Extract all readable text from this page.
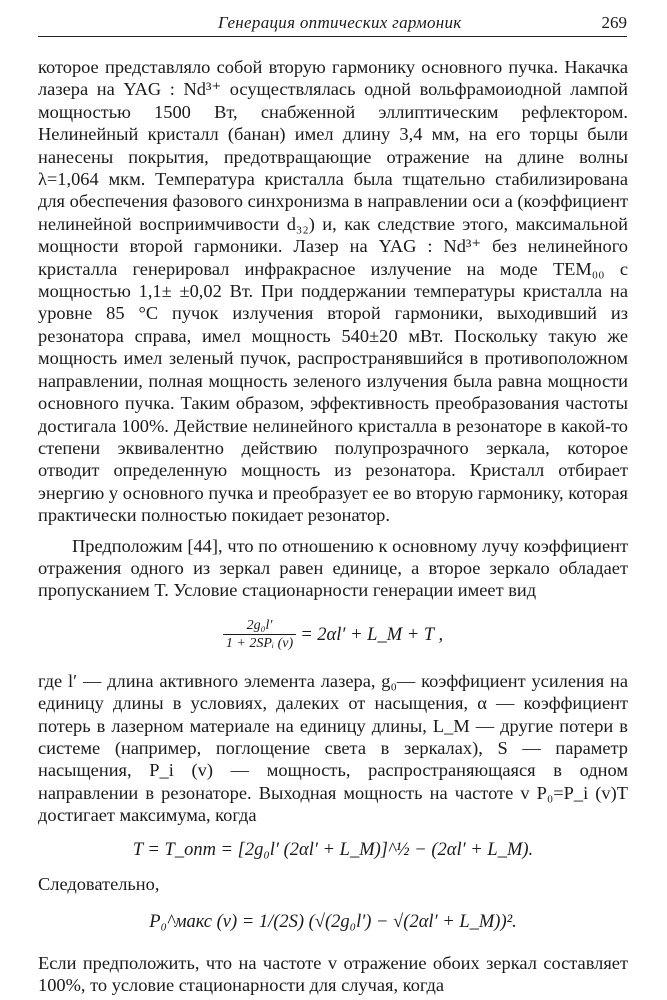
Генерация оптических гармоник	269

которое представляло собой вторую гармонику основного пучка. Накачка лазера на YAG : Nd³⁺ осуществлялась одной вольфрамоиодной лампой мощностью 1500 Вт, снабженной эллиптическим рефлектором. Нелинейный кристалл (банан) имел длину 3,4 мм, на его торцы были нанесены покрытия, предотвращающие отражение на длине волны λ=1,064 мкм. Температура кристалла была тщательно стабилизирована для обеспечения фазового синхронизма в направлении оси a (коэффициент нелинейной восприимчивости d₃₂) и, как следствие этого, максимальной мощности второй гармоники. Лазер на YAG : Nd³⁺ без нелинейного кристалла генерировал инфракрасное излучение на моде TEM₀₀ с мощностью 1,1± ±0,02 Вт. При поддержании температуры кристалла на уровне 85 °C пучок излучения второй гармоники, выходивший из резонатора справа, имел мощность 540±20 мВт. Поскольку такую же мощность имел зеленый пучок, распространявшийся в противоположном направлении, полная мощность зеленого излучения была равна мощности основного пучка. Таким образом, эффективность преобразования частоты достигала 100%. Действие нелинейного кристалла в резонаторе в какой-то степени эквивалентно действию полупрозрачного зеркала, которое отводит определенную мощность из резонатора. Кристалл отбирает энергию у основного пучка и преобразует ее во вторую гармонику, которая практически полностью покидает резонатор.

Предположим [44], что по отношению к основному лучу коэффициент отражения одного из зеркал равен единице, а второе зеркало обладает пропусканием T. Условие стационарности генерации имеет вид

$\frac{\text{2g₀l′}}{\text{1 + 2SPᵢ (v)}} = 2\alpha l'$ + L_M + T ,

где l′ — длина активного элемента лазера, g₀— коэффициент усиления на единицу длины в условиях, далеких от насыщения, α — коэффициент потерь в лазерном материале на единицу длины, L_M — другие потери в системе (например, поглощение света в зеркалах), S — параметр насыщения, P_i (v) — мощность, распространяющаяся в одном направлении в резонаторе. Выходная мощность на частоте v P₀=P_i (v)T достигает максимума, когда

T = T_опт = [2g₀l′ (2αl′ + L_M)]^½ − (2αl′ + L_M).

Следовательно,

P₀^макс (v) = 1/(2S) (√(2g₀l′) − √(2αl′ + L_M))².

Если предположить, что на частоте v отражение обоих зеркал составляет 100%, то условие стационарности для случая, когда
